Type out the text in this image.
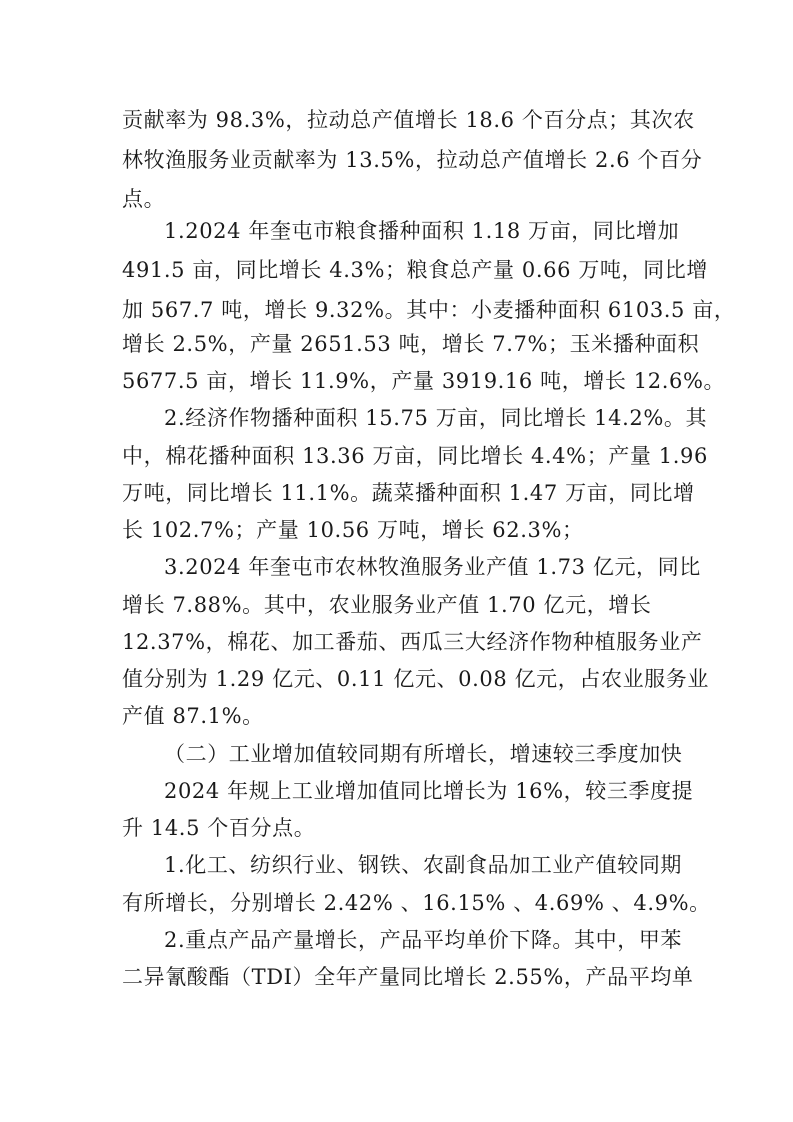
贡献率为 98.3%，拉动总产值增长 18.6 个百分点；其次农
林牧渔服务业贡献率为 13.5%，拉动总产值增长 2.6 个百分
点。
1.2024 年奎屯市粮食播种面积 1.18 万亩，同比增加
491.5 亩，同比增长 4.3%；粮食总产量 0.66 万吨，同比增
加 567.7 吨，增长 9.32%。其中：小麦播种面积 6103.5 亩，
增长 2.5%，产量 2651.53 吨，增长 7.7%；玉米播种面积
5677.5 亩，增长 11.9%，产量 3919.16 吨，增长 12.6%。
2.经济作物播种面积 15.75 万亩，同比增长 14.2%。其
中，棉花播种面积 13.36 万亩，同比增长 4.4%；产量 1.96
万吨，同比增长 11.1%。蔬菜播种面积 1.47 万亩，同比增
长 102.7%；产量 10.56 万吨，增长 62.3%；
3.2024 年奎屯市农林牧渔服务业产值 1.73 亿元，同比
增长 7.88%。其中，农业服务业产值 1.70 亿元，增长
12.37%，棉花、加工番茄、西瓜三大经济作物种植服务业产
值分别为 1.29 亿元、0.11 亿元、0.08 亿元，占农业服务业
产值 87.1%。
（二）工业增加值较同期有所增长，增速较三季度加快
2024 年规上工业增加值同比增长为 16%，较三季度提
升 14.5 个百分点。
1.化工、纺织行业、钢铁、农副食品加工业产值较同期
有所增长，分别增长 2.42% 、16.15% 、4.69% 、4.9%。
2.重点产品产量增长，产品平均单价下降。其中，甲苯
二异氰酸酯（TDI）全年产量同比增长 2.55%，产品平均单
